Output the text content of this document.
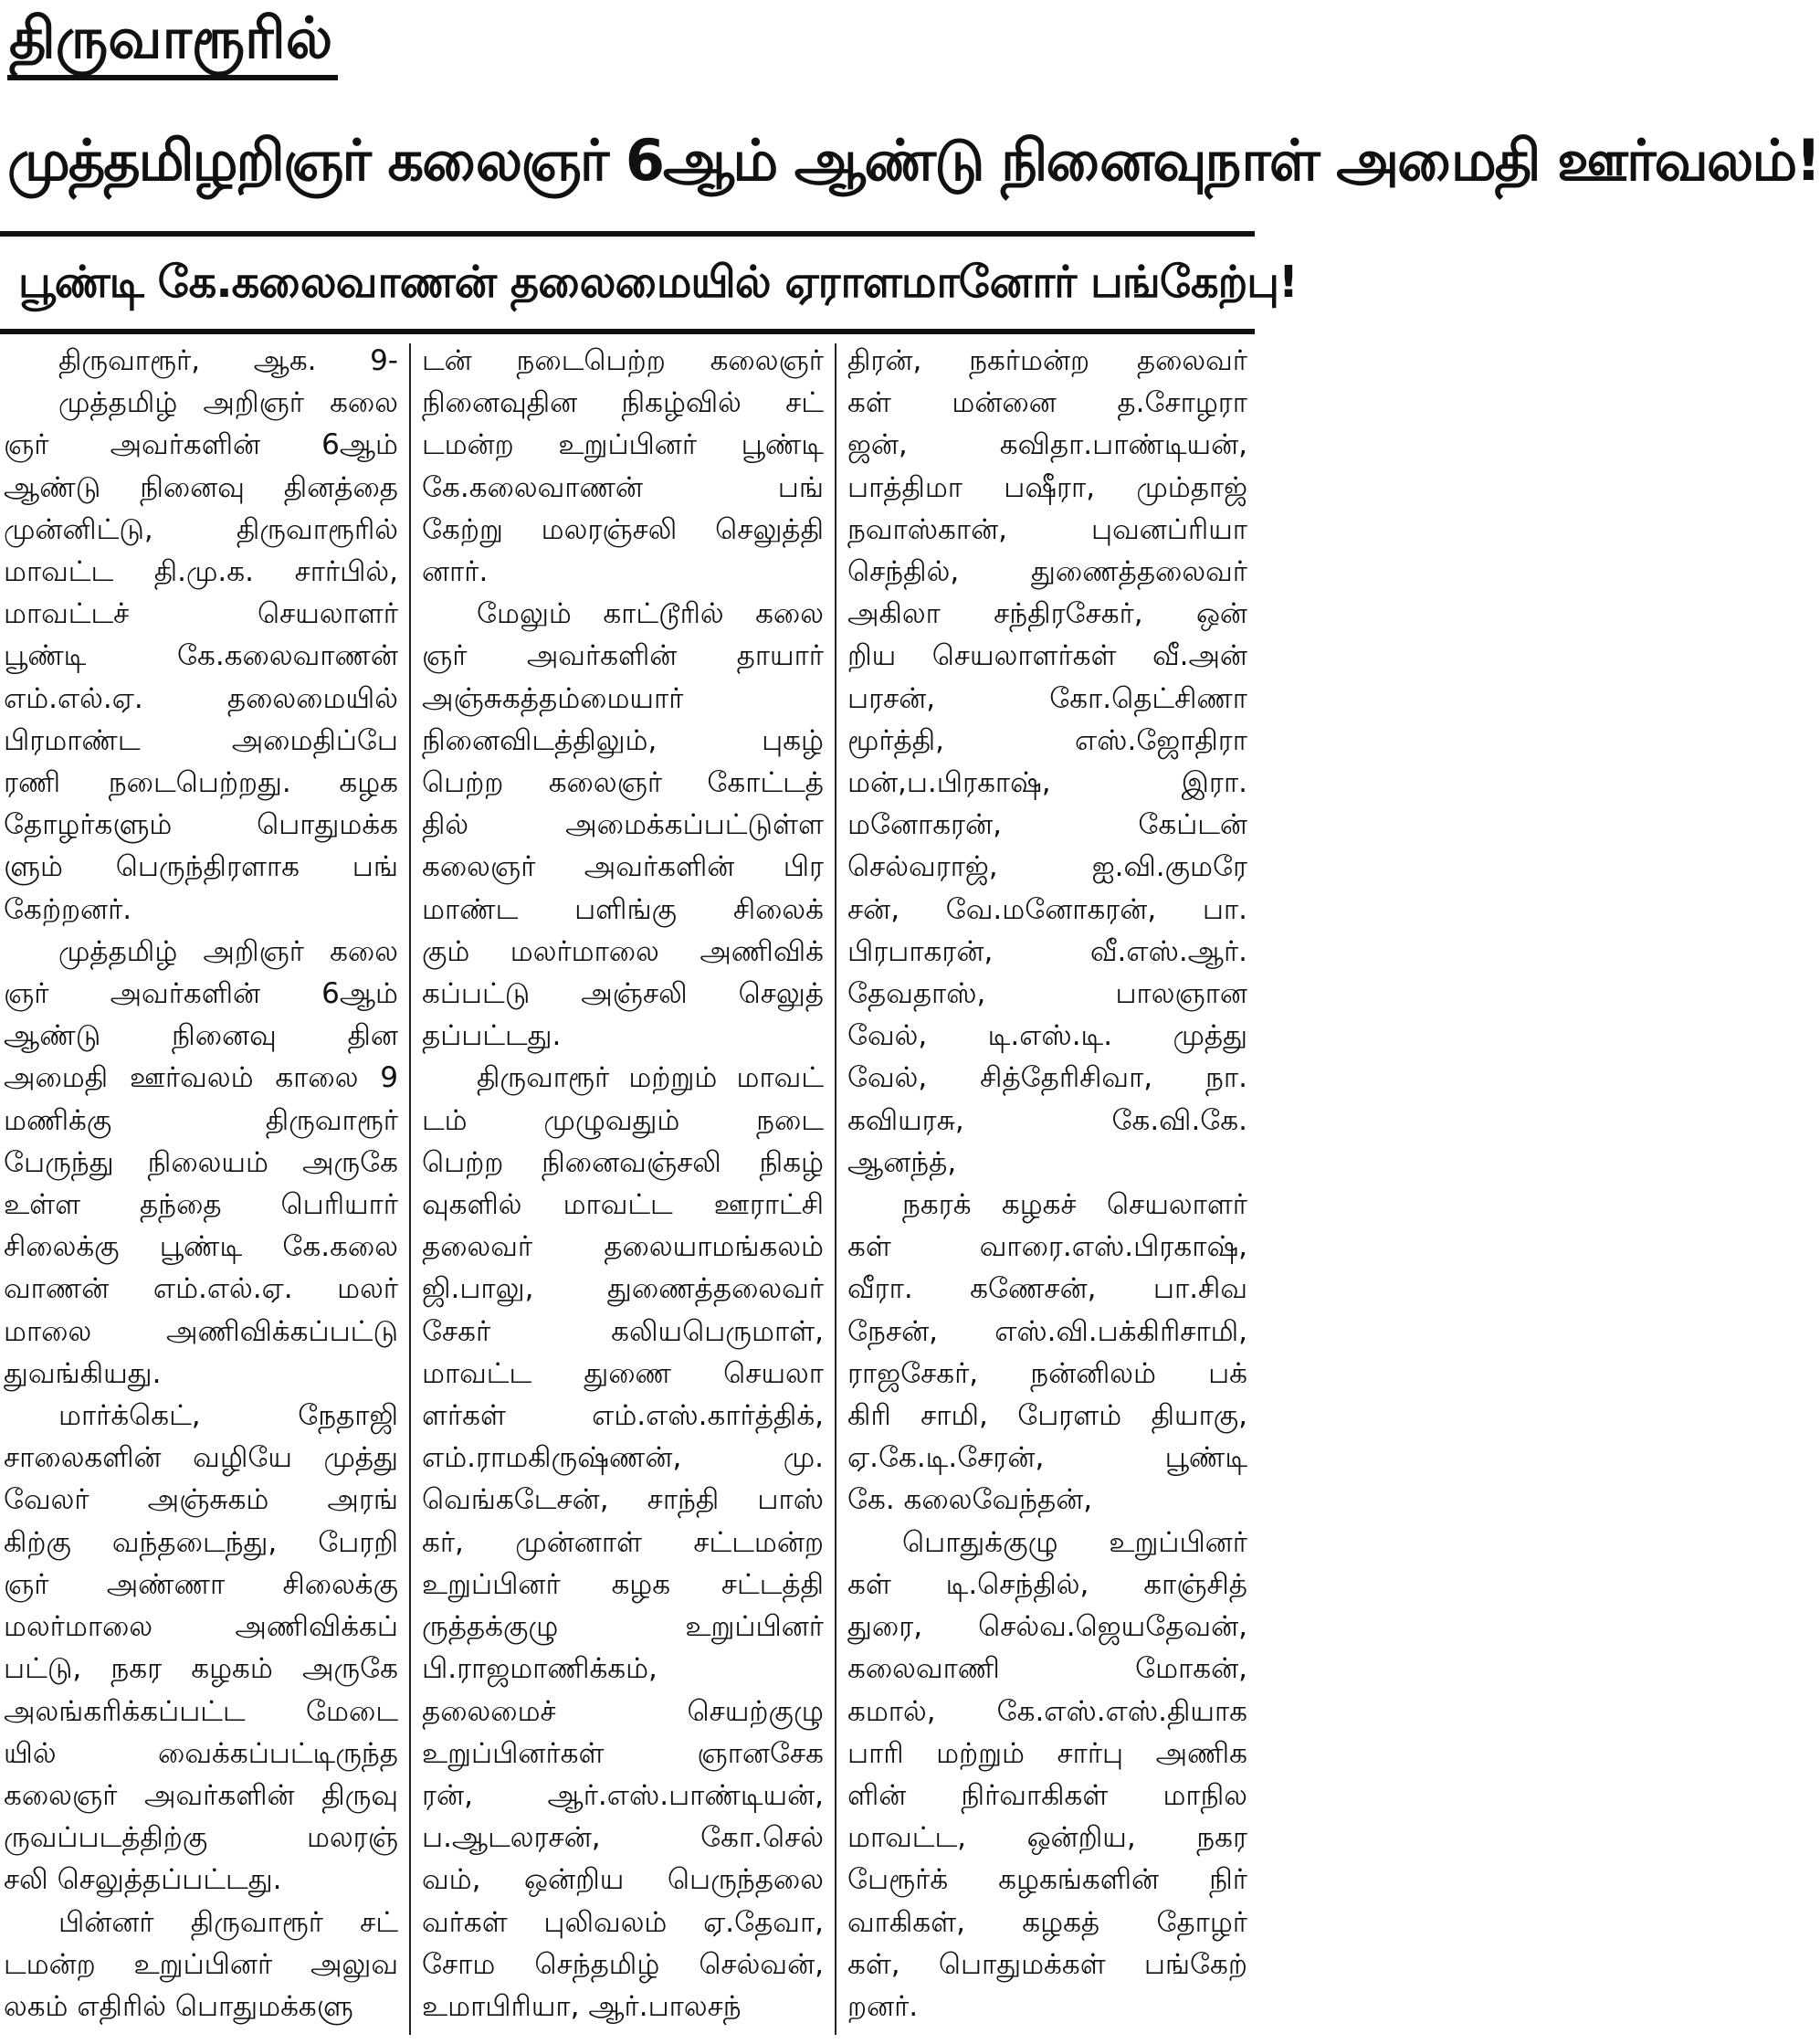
திருவாரூரில்
முத்தமிழறிஞர் கலைஞர் 6ஆம் ஆண்டு நினைவுநாள் அமைதி ஊர்வலம்!
பூண்டி கே.கலைவாணன் தலைமையில் ஏராளமானோர் பங்கேற்பு!
திருவாரூர், ஆக. 9-
முத்தமிழ் அறிஞர் கலை
ஞர் அவர்களின் 6ஆம்
ஆண்டு நினைவு தினத்தை
முன்னிட்டு, திருவாரூரில்
மாவட்ட தி.மு.க. சார்பில்,
மாவட்டச் செயலாளர்
பூண்டி கே.கலைவாணன்
எம்.எல்.ஏ. தலைமையில்
பிரமாண்ட அமைதிப்பே
ரணி நடைபெற்றது. கழக
தோழர்களும் பொதுமக்க
ளும் பெருந்திரளாக பங்
கேற்றனர்.
முத்தமிழ் அறிஞர் கலை
ஞர் அவர்களின் 6ஆம்
ஆண்டு நினைவு தின
அமைதி ஊர்வலம் காலை 9
மணிக்கு திருவாரூர்
பேருந்து நிலையம் அருகே
உள்ள தந்தை பெரியார்
சிலைக்கு பூண்டி கே.கலை
வாணன் எம்.எல்.ஏ. மலர்
மாலை அணிவிக்கப்பட்டு
துவங்கியது.
மார்க்கெட், நேதாஜி
சாலைகளின் வழியே முத்து
வேலர் அஞ்சுகம் அரங்
கிற்கு வந்தடைந்து, பேரறி
ஞர் அண்ணா சிலைக்கு
மலர்மாலை அணிவிக்கப்
பட்டு, நகர கழகம் அருகே
அலங்கரிக்கப்பட்ட மேடை
யில் வைக்கப்பட்டிருந்த
கலைஞர் அவர்களின் திருவு
ருவப்படத்திற்கு மலரஞ்
சலி செலுத்தப்பட்டது.
பின்னர் திருவாரூர் சட்
டமன்ற உறுப்பினர் அலுவ
லகம் எதிரில் பொதுமக்களு
டன் நடைபெற்ற கலைஞர்
நினைவுதின நிகழ்வில் சட்
டமன்ற உறுப்பினர் பூண்டி
கே.கலைவாணன் பங்
கேற்று மலரஞ்சலி செலுத்தி
னார்.
மேலும் காட்டூரில் கலை
ஞர் அவர்களின் தாயார்
அஞ்சுகத்தம்மையார்
நினைவிடத்திலும், புகழ்
பெற்ற கலைஞர் கோட்டத்
தில் அமைக்கப்பட்டுள்ள
கலைஞர் அவர்களின் பிர
மாண்ட பளிங்கு சிலைக்
கும் மலர்மாலை அணிவிக்
கப்பட்டு அஞ்சலி செலுத்
தப்பட்டது.
திருவாரூர் மற்றும் மாவட்
டம் முழுவதும் நடை
பெற்ற நினைவஞ்சலி நிகழ்
வுகளில் மாவட்ட ஊராட்சி
தலைவர் தலையாமங்கலம்
ஜி.பாலு, துணைத்தலைவர்
சேகர் கலியபெருமாள்,
மாவட்ட துணை செயலா
ளர்கள் எம்.எஸ்.கார்த்திக்,
எம்.ராமகிருஷ்ணன், மு.
வெங்கடேசன், சாந்தி பாஸ்
கர், முன்னாள் சட்டமன்ற
உறுப்பினர் கழக சட்டத்தி
ருத்தக்குழு உறுப்பினர்
பி.ராஜமாணிக்கம்,
தலைமைச் செயற்குழு
உறுப்பினர்கள் ஞானசேக
ரன், ஆர்.எஸ்.பாண்டியன்,
ப.ஆடலரசன், கோ.செல்
வம், ஒன்றிய பெருந்தலை
வர்கள் புலிவலம் ஏ.தேவா,
சோம செந்தமிழ் செல்வன்,
உமாபிரியா, ஆர்.பாலசந்
திரன், நகர்மன்ற தலைவர்
கள் மன்னை த.சோழரா
ஜன், கவிதா.பாண்டியன்,
பாத்திமா பஷீரா, மும்தாஜ்
நவாஸ்கான், புவனப்ரியா
செந்தில், துணைத்தலைவர்
அகிலா சந்திரசேகர், ஒன்
றிய செயலாளர்கள் வீ.அன்
பரசன், கோ.தெட்சிணா
மூர்த்தி, எஸ்.ஜோதிரா
மன்,ப.பிரகாஷ், இரா.
மனோகரன், கேப்டன்
செல்வராஜ், ஐ.வி.குமரே
சன், வே.மனோகரன், பா.
பிரபாகரன், வீ.எஸ்.ஆர்.
தேவதாஸ், பாலஞான
வேல், டி.எஸ்.டி. முத்து
வேல், சித்தேரிசிவா, நா.
கவியரசு, கே.வி.கே.
ஆனந்த்,
நகரக் கழகச் செயலாளர்
கள் வாரை.எஸ்.பிரகாஷ்,
வீரா. கணேசன், பா.சிவ
நேசன், எஸ்.வி.பக்கிரிசாமி,
ராஜசேகர், நன்னிலம் பக்
கிரி சாமி, பேரளம் தியாகு,
ஏ.கே.டி.சேரன், பூண்டி
கே. கலைவேந்தன்,
பொதுக்குழு உறுப்பினர்
கள் டி.செந்தில், காஞ்சித்
துரை, செல்வ.ஜெயதேவன்,
கலைவாணி மோகன்,
கமால், கே.எஸ்.எஸ்.தியாக
பாரி மற்றும் சார்பு அணிக
ளின் நிர்வாகிகள் மாநில
மாவட்ட, ஒன்றிய, நகர
பேரூர்க் கழகங்களின் நிர்
வாகிகள், கழகத் தோழர்
கள், பொதுமக்கள் பங்கேற்
றனர்.
